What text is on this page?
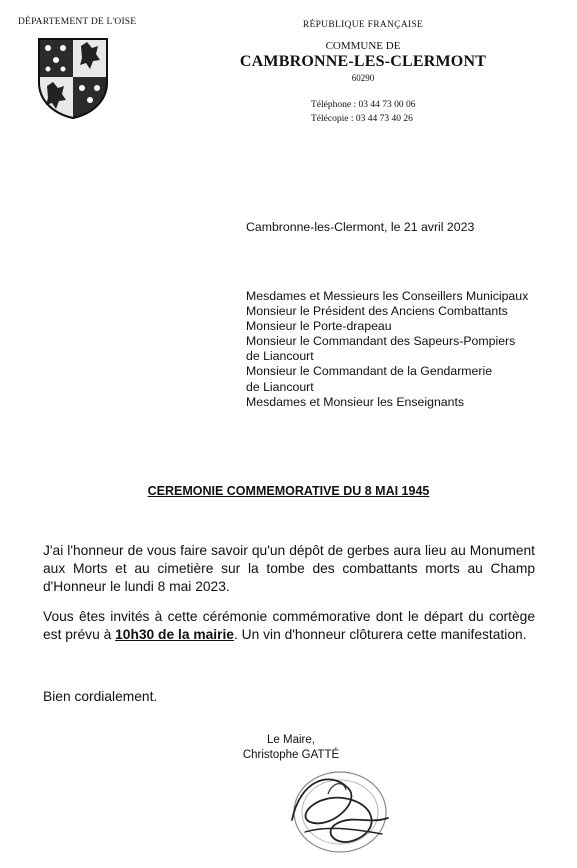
DÉPARTEMENT DE L'OISE	RÉPUBLIQUE FRANÇAISE
COMMUNE DE
CAMBRONNE-LES-CLERMONT
60290
Téléphone : 03 44 73 00 06
Télécopie : 03 44 73 40 26
Cambronne-les-Clermont, le 21 avril 2023
Mesdames et Messieurs les Conseillers Municipaux
Monsieur le Président des Anciens Combattants
Monsieur le Porte-drapeau
Monsieur le Commandant des Sapeurs-Pompiers
de Liancourt
Monsieur le Commandant de la Gendarmerie
de Liancourt
Mesdames et Monsieur les Enseignants
CEREMONIE COMMEMORATIVE DU 8 MAI 1945
J'ai l'honneur de vous faire savoir qu'un dépôt de gerbes aura lieu au Monument aux Morts et au cimetière sur la tombe des combattants morts au Champ d'Honneur le lundi 8 mai 2023.
Vous êtes invités à cette cérémonie commémorative dont le départ du cortège est prévu à 10h30 de la mairie. Un vin d'honneur clôturera cette manifestation.
Bien cordialement.
Le Maire,
Christophe GATTÉ
